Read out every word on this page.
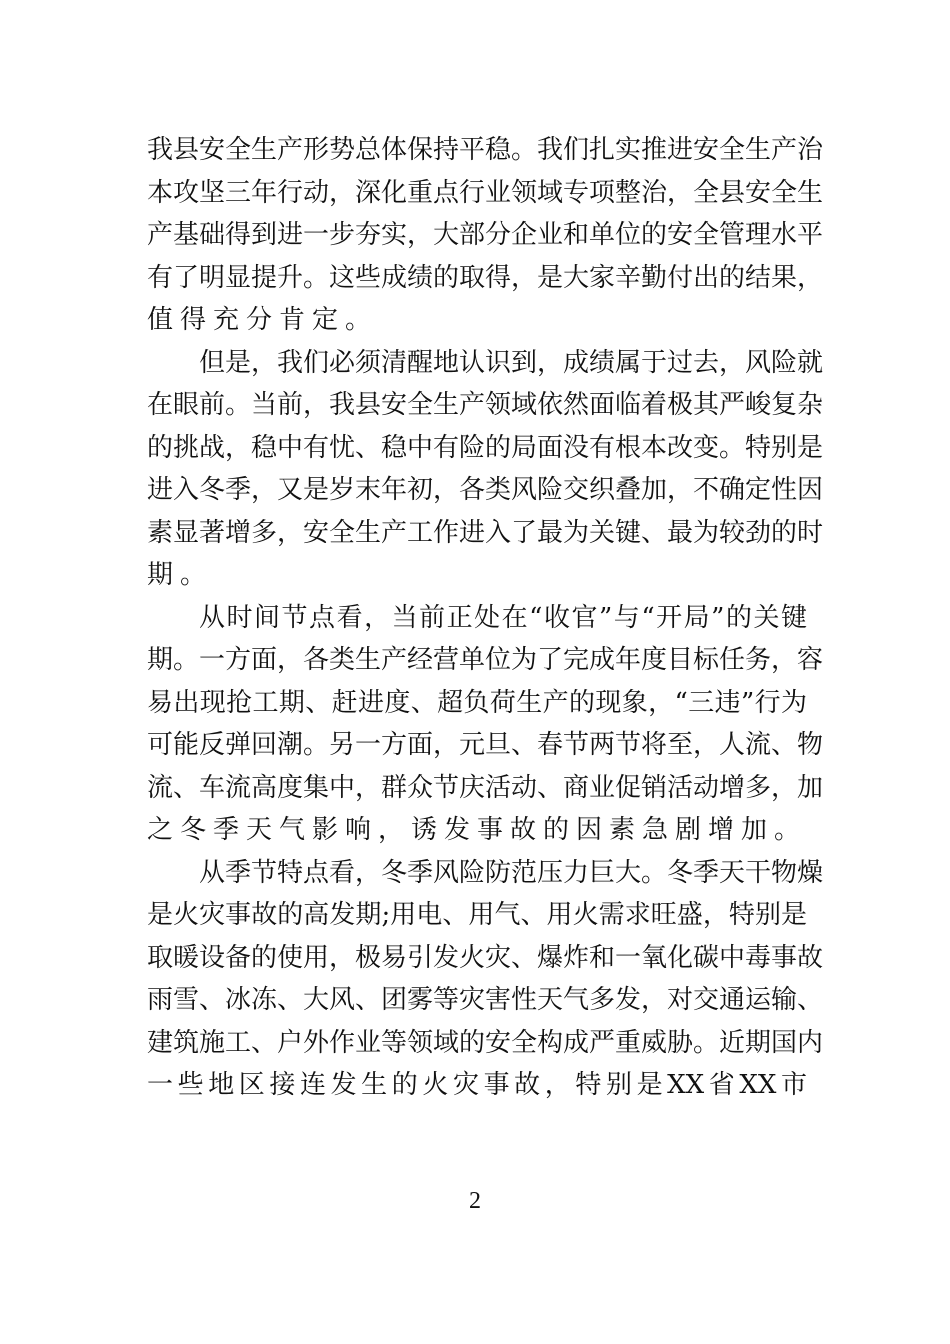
我县安全生产形势总体保持平稳。我们扎实推进安全生产治
本攻坚三年行动，深化重点行业领域专项整治，全县安全生
产基础得到进一步夯实，大部分企业和单位的安全管理水平
有了明显提升。这些成绩的取得，是大家辛勤付出的结果，
值得充分肯定。
但是，我们必须清醒地认识到，成绩属于过去，风险就
在眼前。当前，我县安全生产领域依然面临着极其严峻复杂
的挑战，稳中有忧、稳中有险的局面没有根本改变。特别是
进入冬季，又是岁末年初，各类风险交织叠加，不确定性因
素显著增多，安全生产工作进入了最为关键、最为较劲的时
期。
从时间节点看，当前正处在“收官”与“开局”的关键
期。一方面，各类生产经营单位为了完成年度目标任务，容
易出现抢工期、赶进度、超负荷生产的现象，“三违”行为
可能反弹回潮。另一方面，元旦、春节两节将至，人流、物
流、车流高度集中，群众节庆活动、商业促销活动增多，加
之冬季天气影响，诱发事故的因素急剧增加。
从季节特点看，冬季风险防范压力巨大。冬季天干物燥
是火灾事故的高发期;用电、用气、用火需求旺盛，特别是
取暖设备的使用，极易引发火灾、爆炸和一氧化碳中毒事故
雨雪、冰冻、大风、团雾等灾害性天气多发，对交通运输、
建筑施工、户外作业等领域的安全构成严重威胁。近期国内
一些地区接连发生的火灾事故，特别是XX省XX市
2
